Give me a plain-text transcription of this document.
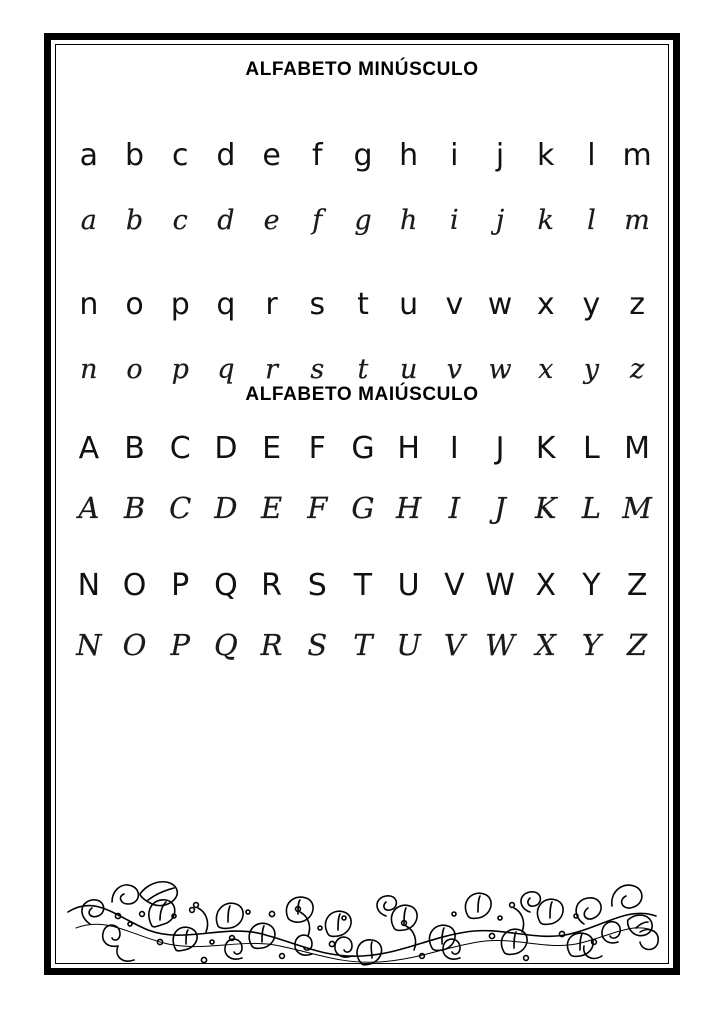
ALFABETO MINÚSCULO
a b c d e	f	g h	i	j	k	l m
a	b	c	d	e	f	g	h	i	j	k	l	m
n o p q	r	s	t	u v w x y z
n	o	p	q	r	s	t	u	v w x	y	z
ALFABETO MAIÚSCULO
A B C D E F G H I	J	K L M
A B C D E F G H I	J	K L M
N O P Q R S T U V W X Y Z
N O P Q R S T U V W X Y Z
